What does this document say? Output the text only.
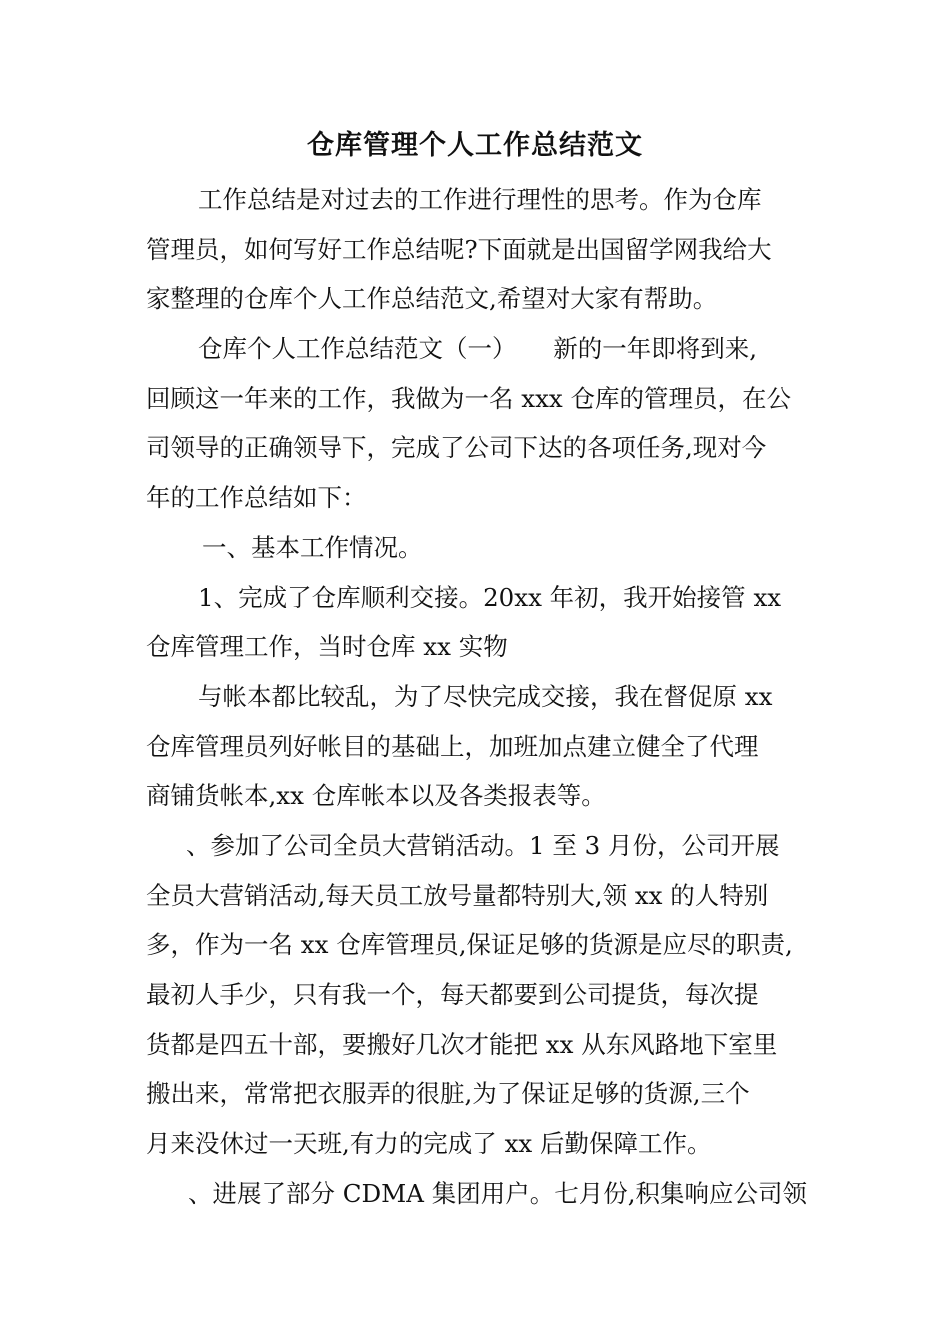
仓库管理个人工作总结范文
工作总结是对过去的工作进行理性的思考。作为仓库
管理员，如何写好工作总结呢?下面就是出国留学网我给大
家整理的仓库个人工作总结范文,希望对大家有帮助。
仓库个人工作总结范文（一）　　新的一年即将到来,
回顾这一年来的工作，我做为一名 xxx 仓库的管理员，在公
司领导的正确领导下，完成了公司下达的各项任务,现对今
年的工作总结如下：
一、基本工作情况。
1、完成了仓库顺利交接。20xx 年初，我开始接管 xx
仓库管理工作，当时仓库 xx 实物
与帐本都比较乱，为了尽快完成交接，我在督促原 xx
仓库管理员列好帐目的基础上，加班加点建立健全了代理
商铺货帐本,xx 仓库帐本以及各类报表等。
、参加了公司全员大营销活动。1 至 3 月份，公司开展
全员大营销活动,每天员工放号量都特别大,领 xx 的人特别
多，作为一名 xx 仓库管理员,保证足够的货源是应尽的职责,
最初人手少，只有我一个，每天都要到公司提货，每次提
货都是四五十部，要搬好几次才能把 xx 从东风路地下室里
搬出来，常常把衣服弄的很脏,为了保证足够的货源,三个
月来没休过一天班,有力的完成了 xx 后勤保障工作。
、进展了部分 CDMA 集团用户。七月份,积集响应公司领
